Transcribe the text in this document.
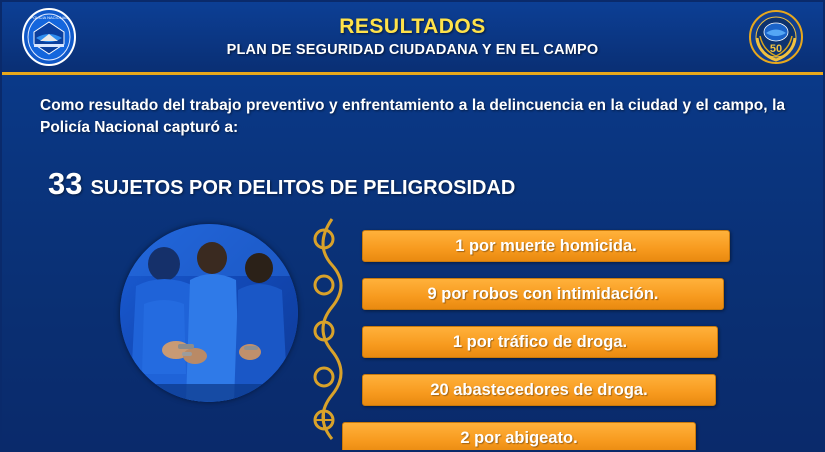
POLICIA NACIONAL	RESULTADOS
PLAN DE SEGURIDAD CIUDADANA Y EN EL CAMPO	50
Como resultado del trabajo preventivo y enfrentamiento a la delincuencia en la ciudad y el campo, la Policía Nacional capturó a:
33 SUJETOS POR DELITOS DE PELIGROSIDAD
1 por muerte homicida.
9 por robos con intimidación.
1 por tráfico de droga.
20 abastecedores de droga.
2 por abigeato.
